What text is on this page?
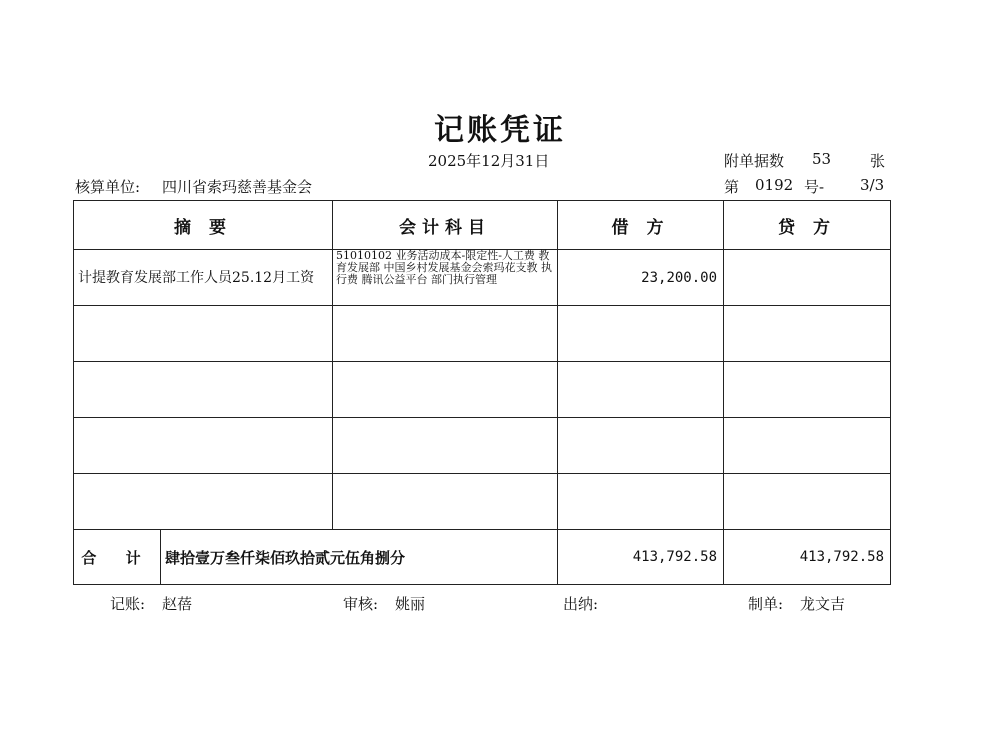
记账凭证
2025年12月31日	附单据数 53	张
核算单位: 四川省索玛慈善基金会	第 0192 号- 3/3
摘 要		会计科目	借 方	贷 方
计提教育发展部工作人员25.12月工资		51010102 业务活动成本-限定性-人工费 教育发展部 中国乡村发展基金会索玛花支教 执行费 腾讯公益平台 部门执行管理	23,200.00	

合 计	肆拾壹万叁仟柒佰玖拾贰元伍角捌分		413,792.58	413,792.58
记账: 赵蓓	审核: 姚丽	出纳:	制单: 龙文吉
